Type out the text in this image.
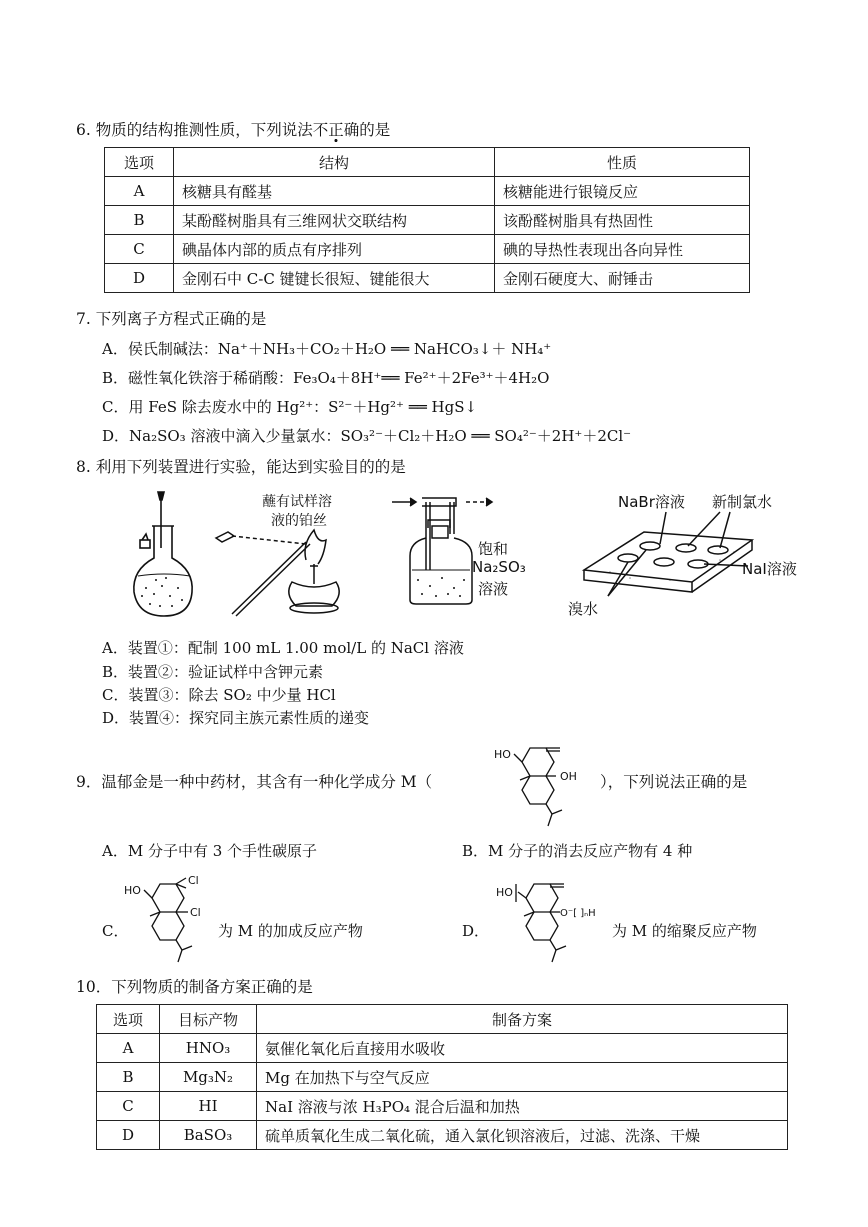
6. 物质的结构推测性质，下列说法不 ·正 ·确 ·的是
选项	结构	性质
A	核糖具有醛基	核糖能进行银镜反应
B	某酚醛树脂具有三维网状交联结构	该酚醛树脂具有热固性
C	碘晶体内部的质点有序排列	碘的导热性表现出各向异性
D	金刚石中 C-C 键键长很短、键能很大	金刚石硬度大、耐锤击
7. 下列离子方程式正确的是
A．侯氏制碱法：Na⁺＋NH₃＋CO₂＋H₂O ══ NaHCO₃↓＋ NH₄⁺
B．磁性氧化铁溶于稀硝酸：Fe₃O₄＋8H⁺══ Fe²⁺＋2Fe³⁺＋4H₂O
C．用 FeS 除去废水中的 Hg²⁺：S²⁻＋Hg²⁺ ══ HgS↓
D．Na₂SO₃ 溶液中滴入少量氯水：SO₃²⁻＋Cl₂＋H₂O ══ SO₄²⁻＋2H⁺＋2Cl⁻
8. 利用下列装置进行实验，能达到实验目的的是
蘸有试样溶
液的铂丝
饱和
Na₂SO₃
溶液
NaBr溶液 新制氯水
NaI溶液
溴水
A．装置①：配制 100 mL 1.00 mol/L 的 NaCl 溶液
B．装置②：验证试样中含钾元素
C．装置③：除去 SO₂ 中少量 HCl
D．装置④：探究同主族元素性质的递变
9．温郁金是一种中药材，其含有一种化学成分 M（
HO
OH ），下列说法正确的是
A．M 分子中有 3 个手性碳原子	B．M 分子的消去反应产物有 4 种
C．
HO
Cl
Cl
为 M 的加成反应产物	D．
HO
O⁻[ ]ₙH
为 M 的缩聚反应产物
10．下列物质的制备方案正确的是
选项	目标产物	制备方案
A	HNO₃	氨催化氧化后直接用水吸收
B	Mg₃N₂	Mg 在加热下与空气反应
C	HI	NaI 溶液与浓 H₃PO₄ 混合后温和加热
D	BaSO₃	硫单质氧化生成二氧化硫，通入氯化钡溶液后，过滤、洗涤、干燥
